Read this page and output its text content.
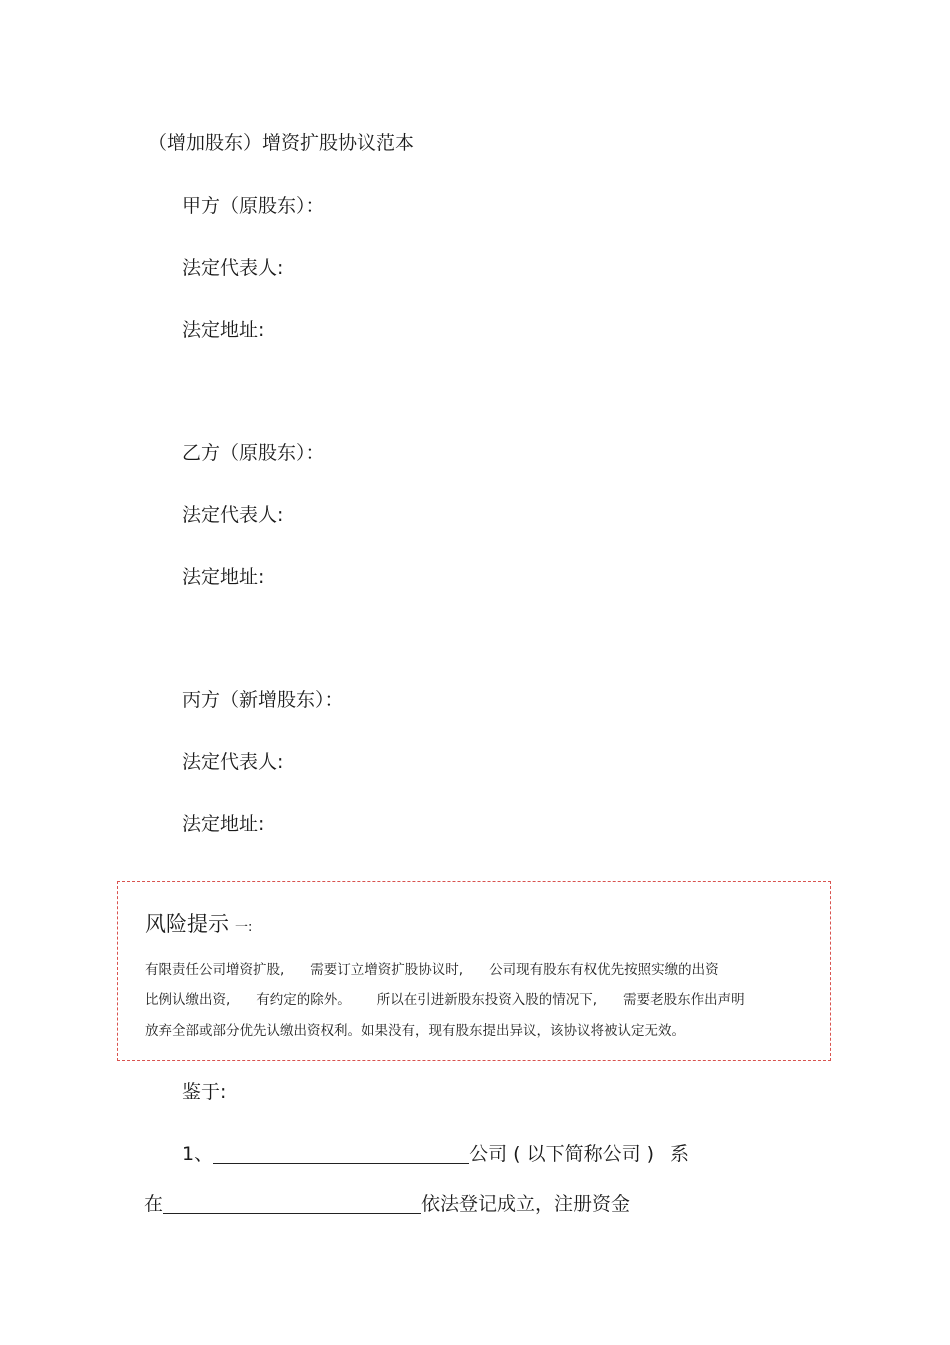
（增加股东）增资扩股协议范本
甲方（原股东）：
法定代表人:
法定地址:
乙方（原股东）：
法定代表人:
法定地址:
丙方（新增股东）：
法定代表人:
法定地址:
风险提示 一:
有限责任公司增资扩股, 需要订立增资扩股协议时, 公司现有股东有权优先按照实缴的出资
比例认缴出资, 有约定的除外。 所以在引进新股东投资入股的情况下, 需要老股东作出声明
放弃全部或部分优先认缴出资权利。如果没有，现有股东提出异议，该协议将被认定无效。
鉴于:
1、	公司 ( 以下简称公司 ) 系
在	依法登记成立，注册资金
